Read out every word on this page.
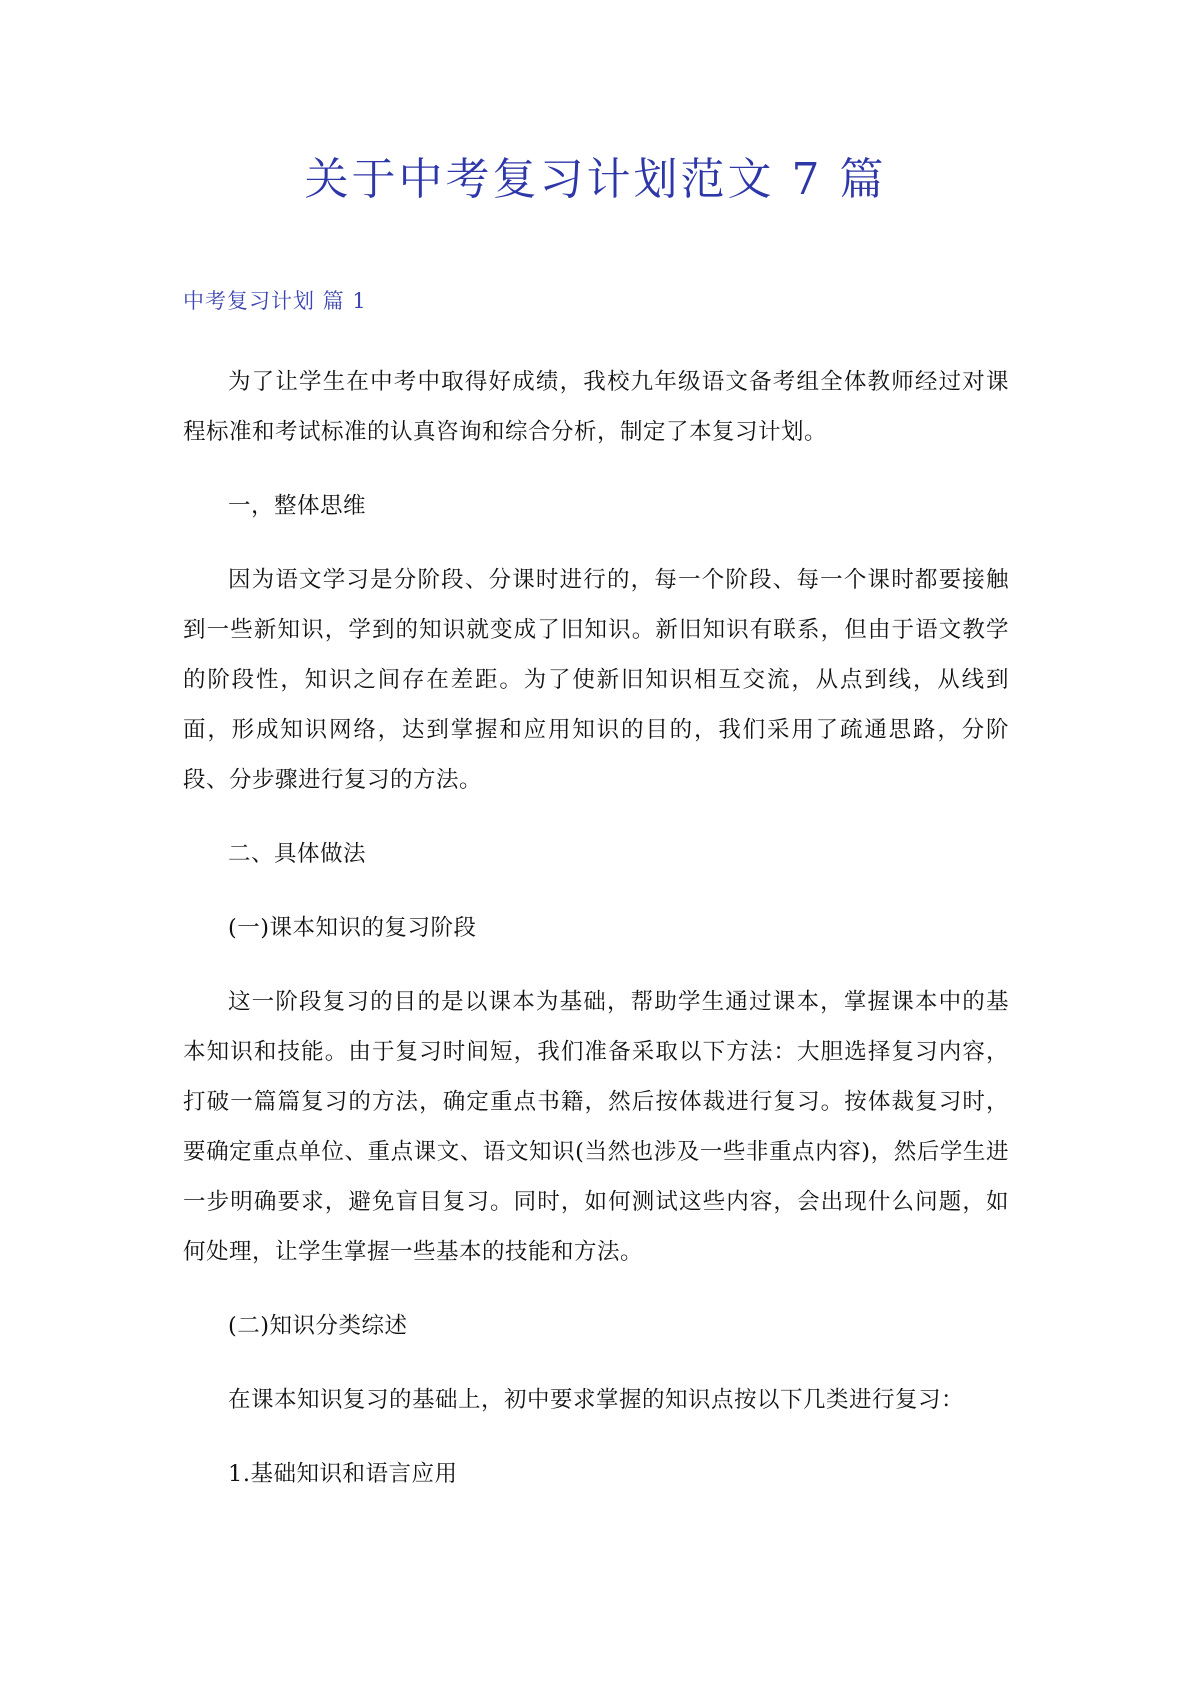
关于中考复习计划范文 7 篇
中考复习计划 篇 1

为了让学生在中考中取得好成绩，我校九年级语文备考组全体教师经过对课程标准和考试标准的认真咨询和综合分析，制定了本复习计划。

一，整体思维

因为语文学习是分阶段、分课时进行的，每一个阶段、每一个课时都要接触到一些新知识，学到的知识就变成了旧知识。新旧知识有联系，但由于语文教学的阶段性，知识之间存在差距。为了使新旧知识相互交流，从点到线，从线到面，形成知识网络，达到掌握和应用知识的目的，我们采用了疏通思路，分阶段、分步骤进行复习的方法。

二、具体做法

(一)课本知识的复习阶段

这一阶段复习的目的是以课本为基础，帮助学生通过课本，掌握课本中的基本知识和技能。由于复习时间短，我们准备采取以下方法：大胆选择复习内容，打破一篇篇复习的方法，确定重点书籍，然后按体裁进行复习。按体裁复习时，要确定重点单位、重点课文、语文知识(当然也涉及一些非重点内容)，然后学生进一步明确要求，避免盲目复习。同时，如何测试这些内容，会出现什么问题，如何处理，让学生掌握一些基本的技能和方法。

(二)知识分类综述

在课本知识复习的基础上，初中要求掌握的知识点按以下几类进行复习：

1.基础知识和语言应用
